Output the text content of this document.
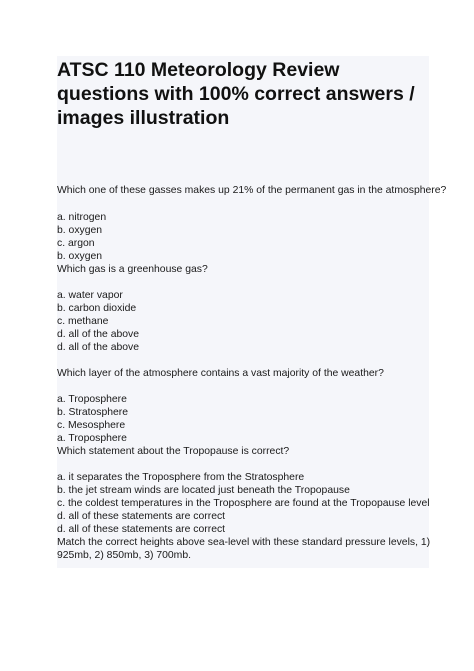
ATSC 110 Meteorology Review questions with 100% correct answers / images illustration
Which one of these gasses makes up 21% of the permanent gas in the atmosphere?
a. nitrogen
b. oxygen
c. argon
b. oxygen
Which gas is a greenhouse gas?
a. water vapor
b. carbon dioxide
c. methane
d. all of the above
d. all of the above
Which layer of the atmosphere contains a vast majority of the weather?
a. Troposphere
b. Stratosphere
c. Mesosphere
a. Troposphere
Which statement about the Tropopause is correct?
a. it separates the Troposphere from the Stratosphere
b. the jet stream winds are located just beneath the Tropopause
c. the coldest temperatures in the Troposphere are found at the Tropopause level
d. all of these statements are correct
d. all of these statements are correct
Match the correct heights above sea-level with these standard pressure levels, 1)
925mb, 2) 850mb, 3) 700mb.
